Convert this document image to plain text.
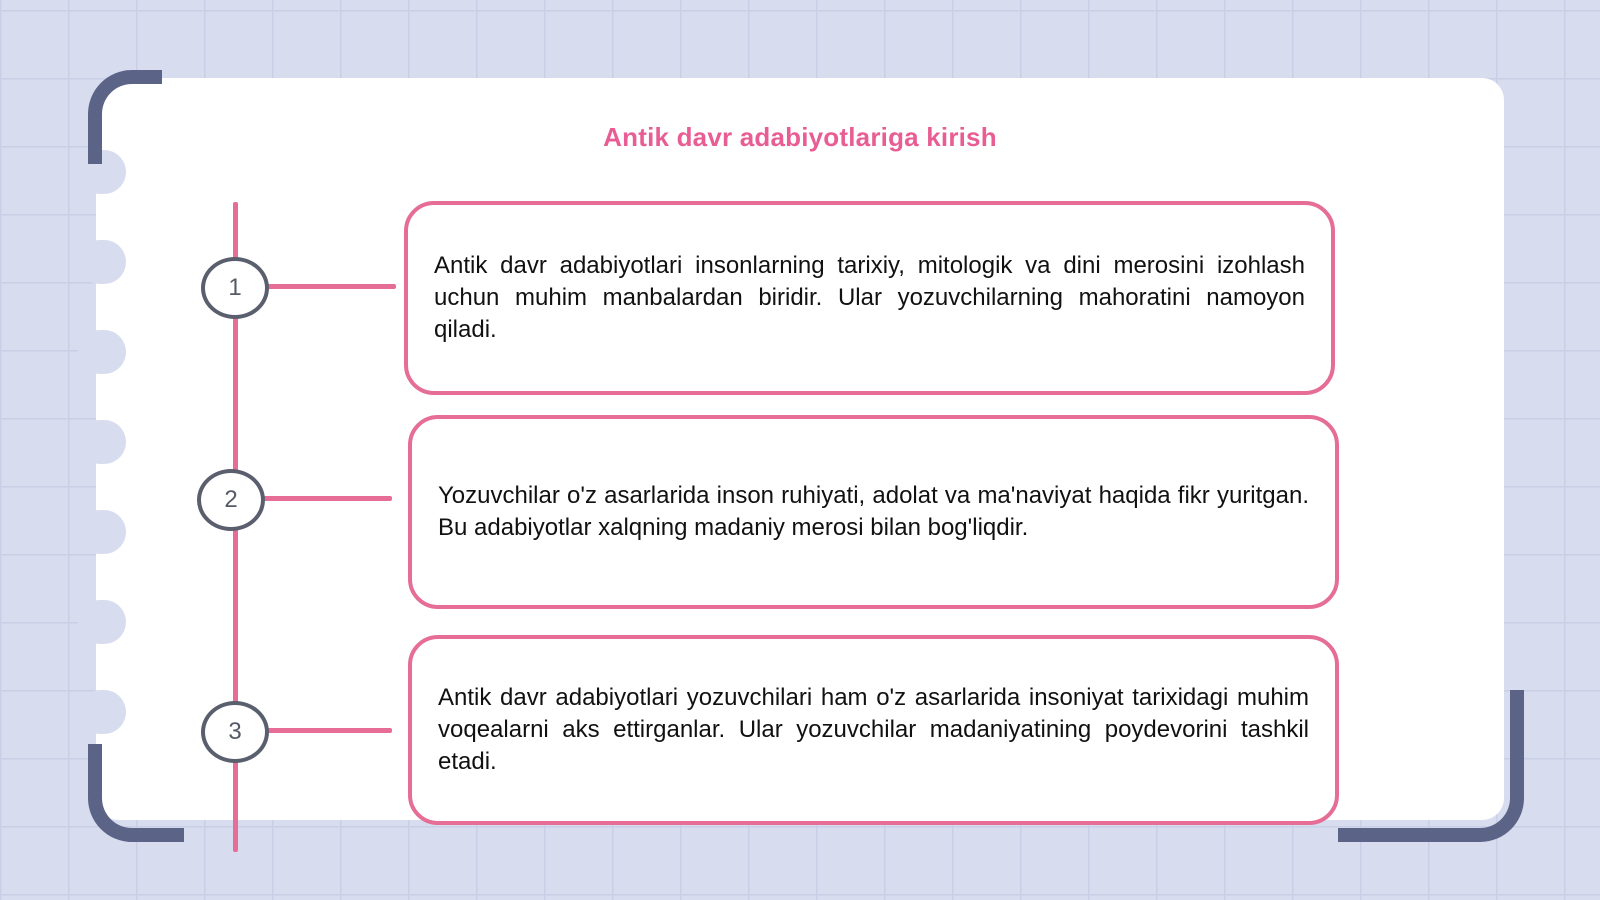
Antik davr adabiyotlariga kirish
1

Antik davr adabiyotlari insonlarning tarixiy, mitologik va dini merosini izohlash uchun muhim manbalardan biridir. Ular yozuvchilarning mahoratini namoyon qiladi.

2	Yozuvchilar o'z asarlarida inson ruhiyati, adolat va ma'naviyat haqida fikr yuritgan. Bu adabiyotlar xalqning madaniy merosi bilan bog'liqdir.

3

Antik davr adabiyotlari yozuvchilari ham o'z asarlarida insoniyat tarixidagi muhim voqealarni aks ettirganlar. Ular yozuvchilar madaniyatining poydevorini tashkil etadi.
